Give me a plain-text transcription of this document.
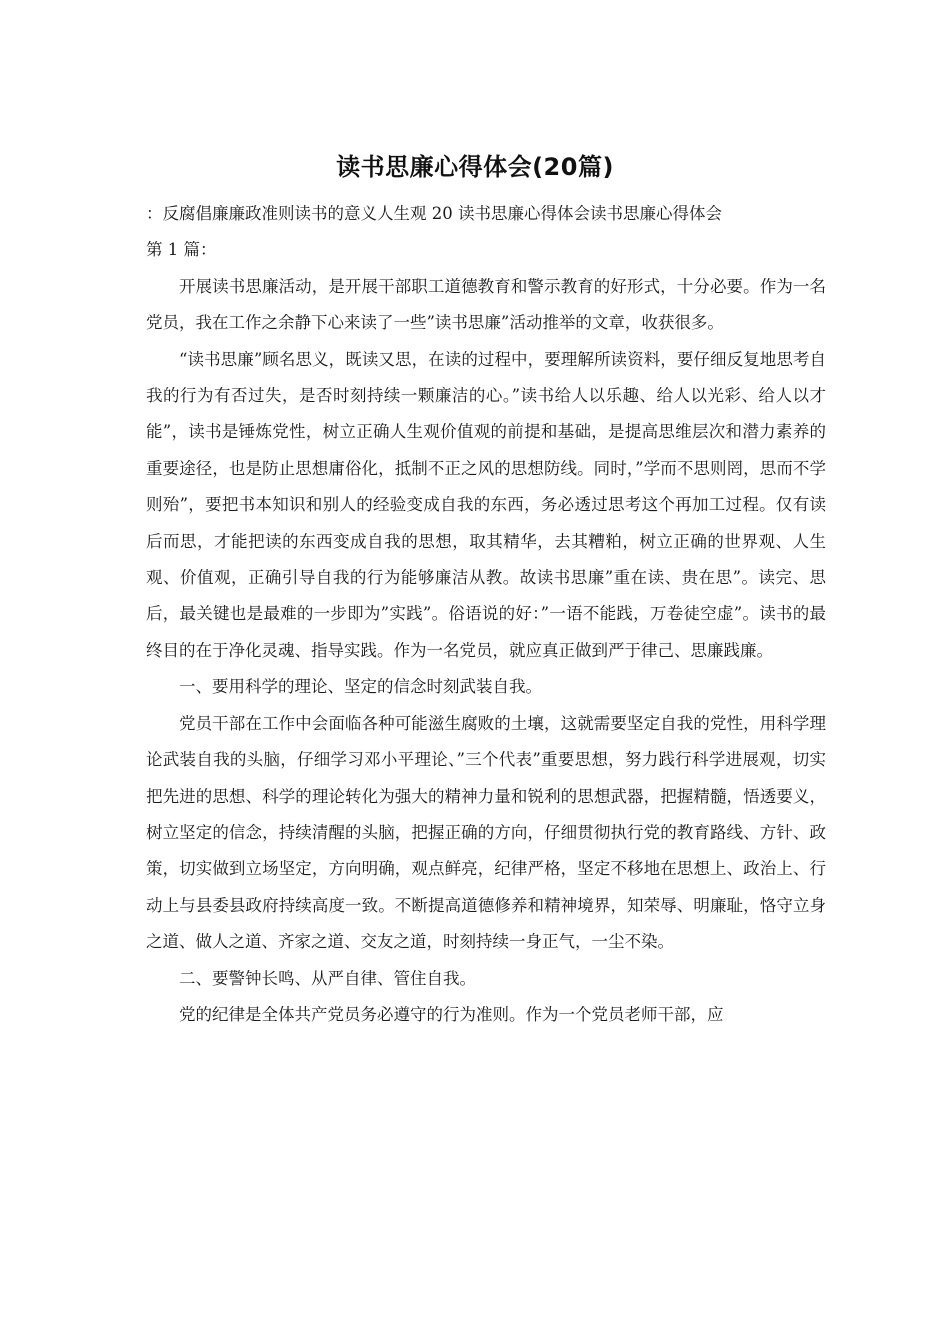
读书思廉心得体会(20篇)

：反腐倡廉廉政准则读书的意义人生观 20 读书思廉心得体会读书思廉心得体会

第 1 篇：

开展读书思廉活动，是开展干部职工道德教育和警示教育的好形式，十分必要。作为一名党员，我在工作之余静下心来读了一些”读书思廉”活动推举的文章，收获很多。

“读书思廉”顾名思义，既读又思，在读的过程中，要理解所读资料，要仔细反复地思考自我的行为有否过失，是否时刻持续一颗廉洁的心。”读书给人以乐趣、给人以光彩、给人以才能”，读书是锤炼党性，树立正确人生观价值观的前提和基础，是提高思维层次和潜力素养的重要途径，也是防止思想庸俗化，抵制不正之风的思想防线。同时，”学而不思则罔，思而不学则殆”，要把书本知识和别人的经验变成自我的东西，务必透过思考这个再加工过程。仅有读后而思，才能把读的东西变成自我的思想，取其精华，去其糟粕，树立正确的世界观、人生观、价值观，正确引导自我的行为能够廉洁从教。故读书思廉”重在读、贵在思”。读完、思后，最关键也是最难的一步即为”实践”。俗语说的好：”一语不能践，万卷徒空虚”。读书的最终目的在于净化灵魂、指导实践。作为一名党员，就应真正做到严于律己、思廉践廉。

一、要用科学的理论、坚定的信念时刻武装自我。

党员干部在工作中会面临各种可能滋生腐败的土壤，这就需要坚定自我的党性，用科学理论武装自我的头脑，仔细学习邓小平理论、”三个代表”重要思想，努力践行科学进展观，切实把先进的思想、科学的理论转化为强大的精神力量和锐利的思想武器，把握精髓，悟透要义，树立坚定的信念，持续清醒的头脑，把握正确的方向，仔细贯彻执行党的教育路线、方针、政策，切实做到立场坚定，方向明确，观点鲜亮，纪律严格，坚定不移地在思想上、政治上、行动上与县委县政府持续高度一致。不断提高道德修养和精神境界，知荣辱、明廉耻，恪守立身之道、做人之道、齐家之道、交友之道，时刻持续一身正气，一尘不染。

二、要警钟长鸣、从严自律、管住自我。

党的纪律是全体共产党员务必遵守的行为准则。作为一个党员老师干部，应
